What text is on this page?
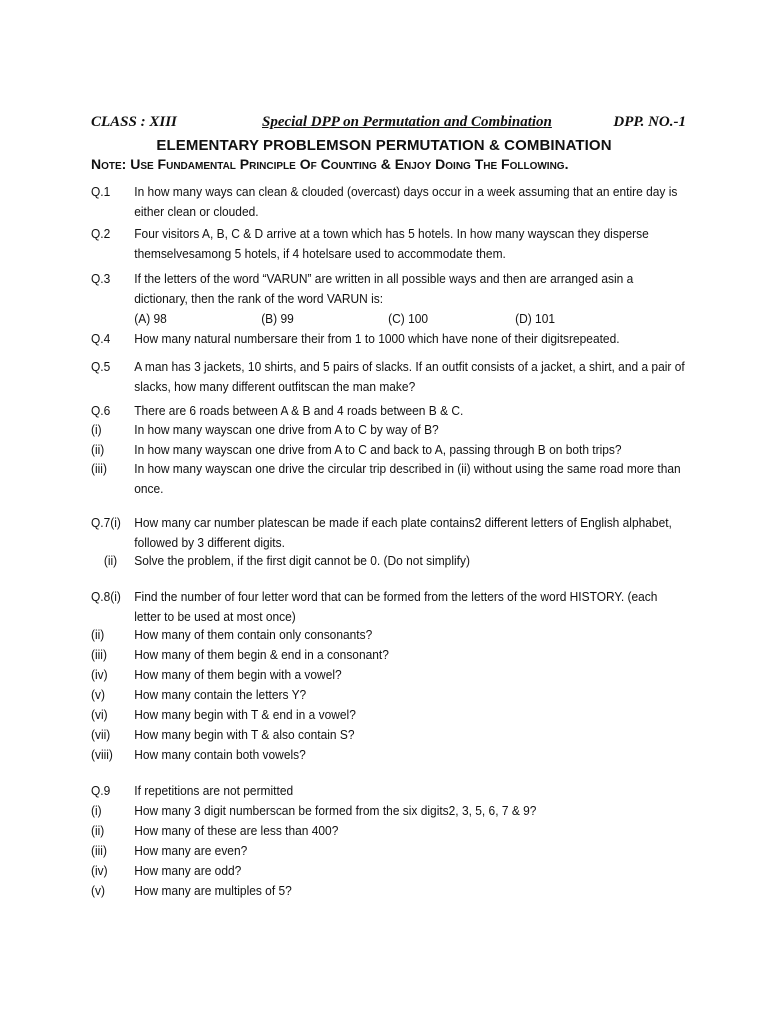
CLASS : XIII	Special DPP on Permutation and Combination	DPP. NO.-1
ELEMENTARY PROBLEMSON PERMUTATION & COMBINATION
Note: Use Fundamental Principle Of Counting & Enjoy Doing The Following.
Q.1 In how many ways can clean & clouded (overcast) days occur in a week assuming that an entire day is either clean or clouded.
Q.2 Four visitors A, B, C & D arrive at a town which has 5 hotels. In how many wayscan they disperse themselvesamong 5 hotels, if 4 hotelsare used to accommodate them.
Q.3 If the letters of the word “VARUN” are written in all possible ways and then are arranged asin a dictionary, then the rank of the word VARUN is:
(A) 98	(B) 99	(C) 100	(D) 101
Q.4 How many natural numbersare their from 1 to 1000 which have none of their digitsrepeated.
Q.5 A man has 3 jackets, 10 shirts, and 5 pairs of slacks. If an outfit consists of a jacket, a shirt, and a pair of slacks, how many different outfitscan the man make?
Q.6 There are 6 roads between A & B and 4 roads between B & C.
(i)	In how many wayscan one drive from A to C by way of B?
(ii) In how many wayscan one drive from A to C and back to A, passing through B on both trips?
(iii) In how many wayscan one drive the circular trip described in (ii) without using the same road more than once.
Q.7(i) How many car number platescan be made if each plate contains2 different letters of English alphabet, followed by 3 different digits.
(ii) Solve the problem, if the first digit cannot be 0. (Do not simplify)
Q.8(i) Find the number of four letter word that can be formed from the letters of the word HISTORY. (each letter to be used at most once)
(ii) How many of them contain only consonants?
(iii) How many of them begin & end in a consonant?
(iv) How many of them begin with a vowel?
(v) How many contain the letters Y?
(vi) How many begin with T & end in a vowel?
(vii) How many begin with T & also contain S?
(viii) How many contain both vowels?
Q.9 If repetitions are not permitted
(i)	How many 3 digit numberscan be formed from the six digits2, 3, 5, 6, 7 & 9?
(ii) How many of these are less than 400?
(iii) How many are even?
(iv) How many are odd?
(v) How many are multiples of 5?
